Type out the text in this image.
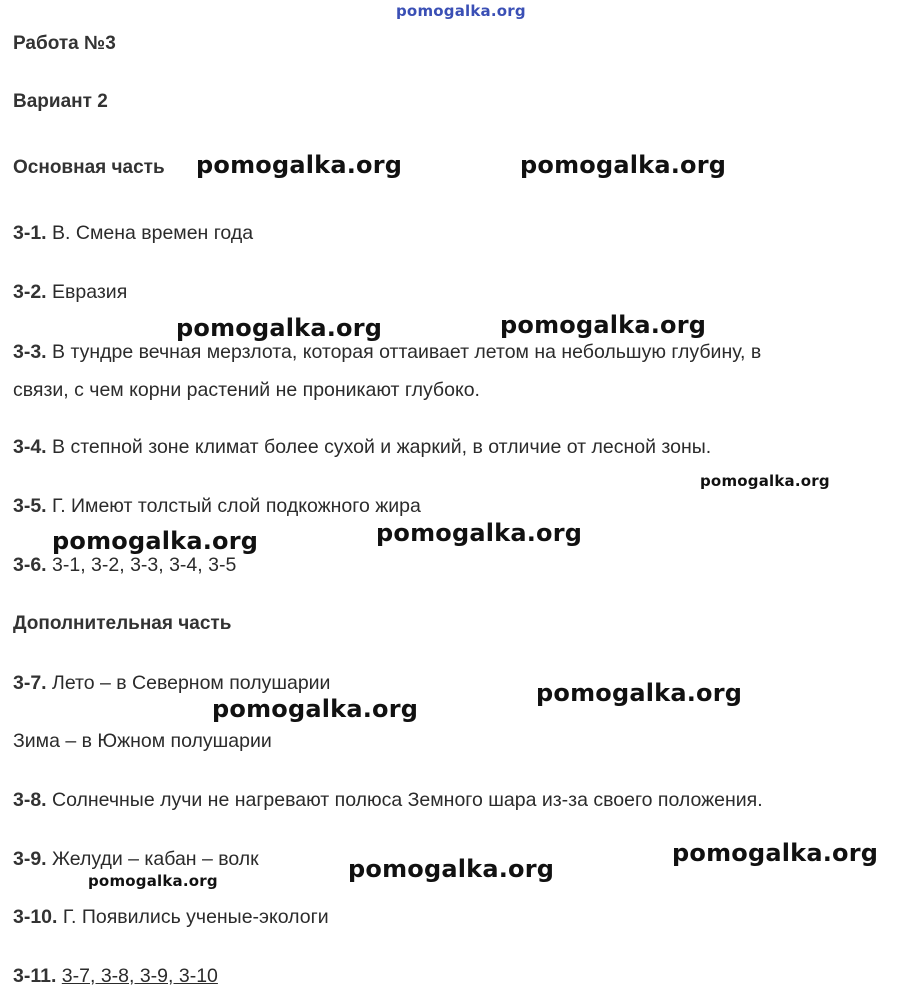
pomogalka.org
Работа №3
Вариант 2
Основная часть
3-1. В. Смена времен года
3-2. Евразия
3-3. В тундре вечная мерзлота, которая оттаивает летом на небольшую глубину, в
связи, с чем корни растений не проникают глубоко.
3-4. В степной зоне климат более сухой и жаркий, в отличие от лесной зоны.
3-5. Г. Имеют толстый слой подкожного жира
3-6. 3-1, 3-2, 3-3, 3-4, 3-5
Дополнительная часть
3-7. Лето – в Северном полушарии
Зима – в Южном полушарии
3-8. Солнечные лучи не нагревают полюса Земного шара из-за своего положения.
3-9. Желуди – кабан – волк
3-10. Г. Появились ученые-экологи
3-11. 3-7, 3-8, 3-9, 3-10
pomogalka.org	pomogalka.org
pomogalka.org	pomogalka.org
pomogalka.org
pomogalka.org
pomogalka.org
pomogalka.org
pomogalka.org
pomogalka.org
pomogalka.org
pomogalka.org
